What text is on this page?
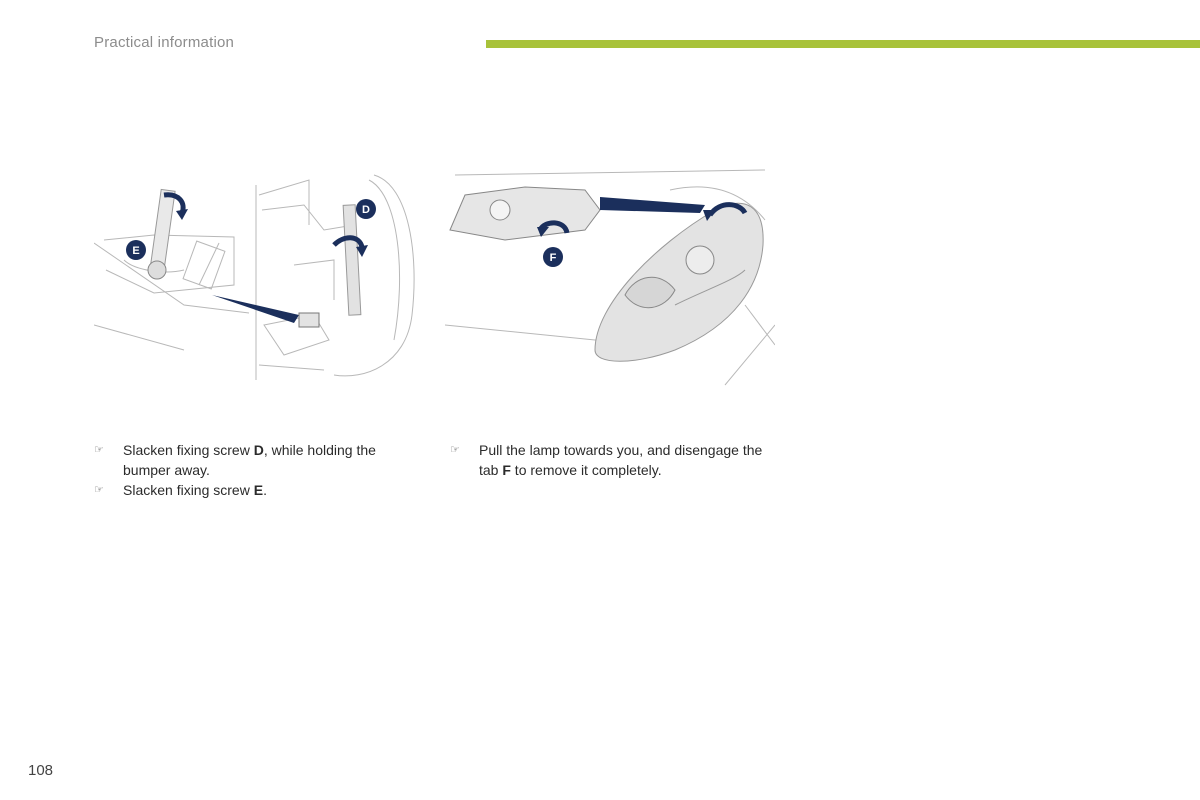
Practical information
E
D
F
☞ Slacken fixing screw D, while holding the bumper away.
☞ Slacken fixing screw E.
☞ Pull the lamp towards you, and disengage the tab F to remove it completely.
108
